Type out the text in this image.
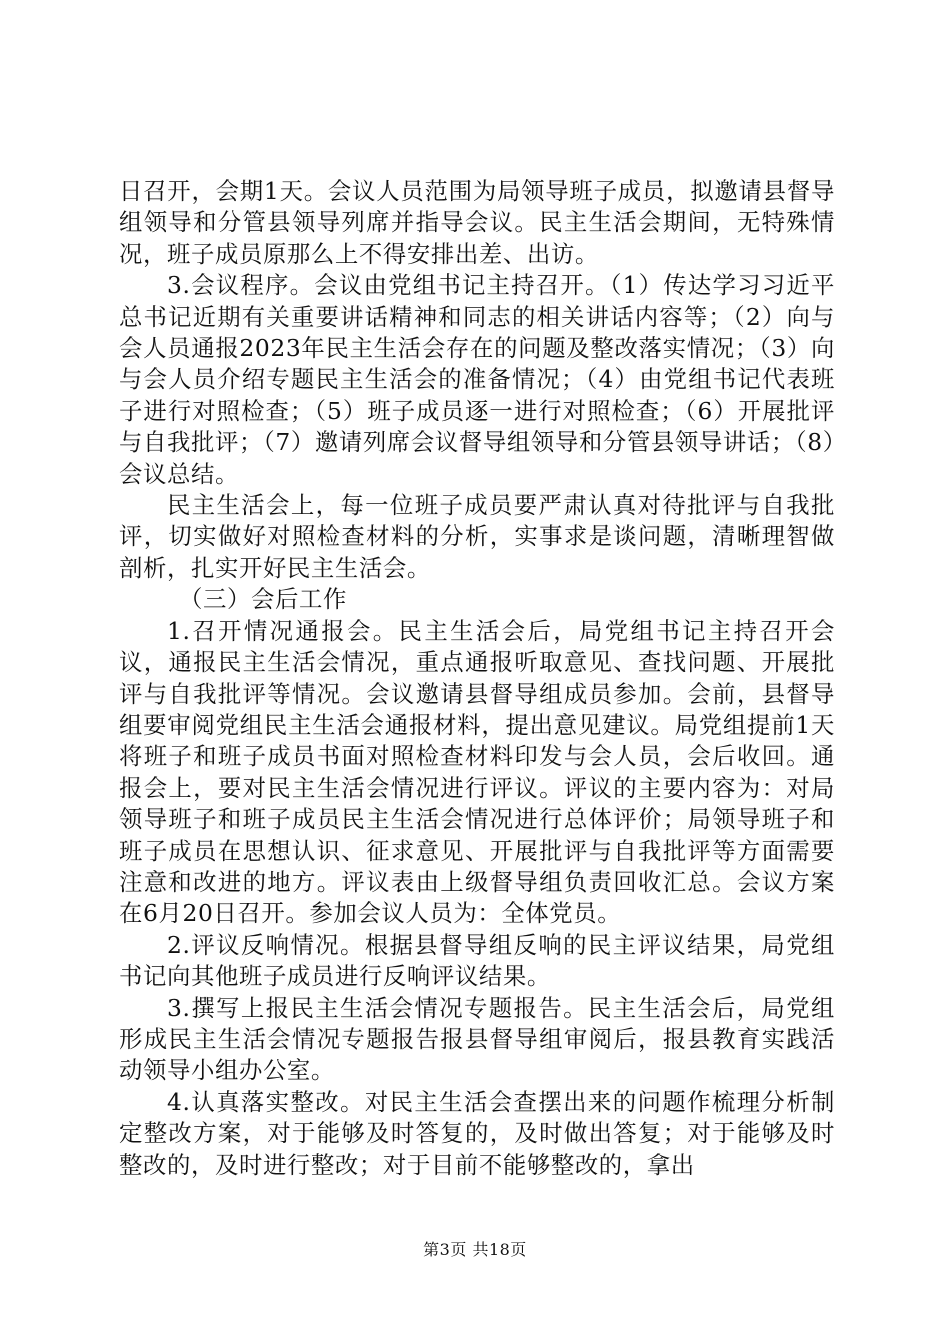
日召开，会期1天。会议人员范围为局领导班子成员，拟邀请县督导组领导和分管县领导列席并指导会议。民主生活会期间，无特殊情况，班子成员原那么上不得安排出差、出访。

3.会议程序。会议由党组书记主持召开。（1）传达学习习近平总书记近期有关重要讲话精神和同志的相关讲话内容等；（2）向与会人员通报2023年民主生活会存在的问题及整改落实情况；（3）向与会人员介绍专题民主生活会的准备情况；（4）由党组书记代表班子进行对照检查；（5）班子成员逐一进行对照检查；（6）开展批评与自我批评；（7）邀请列席会议督导组领导和分管县领导讲话；（8）会议总结。

民主生活会上，每一位班子成员要严肃认真对待批评与自我批评，切实做好对照检查材料的分析，实事求是谈问题，清晰理智做剖析，扎实开好民主生活会。

（三）会后工作

1.召开情况通报会。民主生活会后，局党组书记主持召开会议，通报民主生活会情况，重点通报听取意见、查找问题、开展批评与自我批评等情况。会议邀请县督导组成员参加。会前，县督导组要审阅党组民主生活会通报材料，提出意见建议。局党组提前1天将班子和班子成员书面对照检查材料印发与会人员，会后收回。通报会上，要对民主生活会情况进行评议。评议的主要内容为：对局领导班子和班子成员民主生活会情况进行总体评价；局领导班子和班子成员在思想认识、征求意见、开展批评与自我批评等方面需要注意和改进的地方。评议表由上级督导组负责回收汇总。会议方案在6月20日召开。参加会议人员为：全体党员。

2.评议反响情况。根据县督导组反响的民主评议结果，局党组书记向其他班子成员进行反响评议结果。

3.撰写上报民主生活会情况专题报告。民主生活会后，局党组形成民主生活会情况专题报告报县督导组审阅后，报县教育实践活动领导小组办公室。

4.认真落实整改。对民主生活会查摆出来的问题作梳理分析制定整改方案，对于能够及时答复的，及时做出答复；对于能够及时整改的，及时进行整改；对于目前不能够整改的，拿出

第3页 共18页
